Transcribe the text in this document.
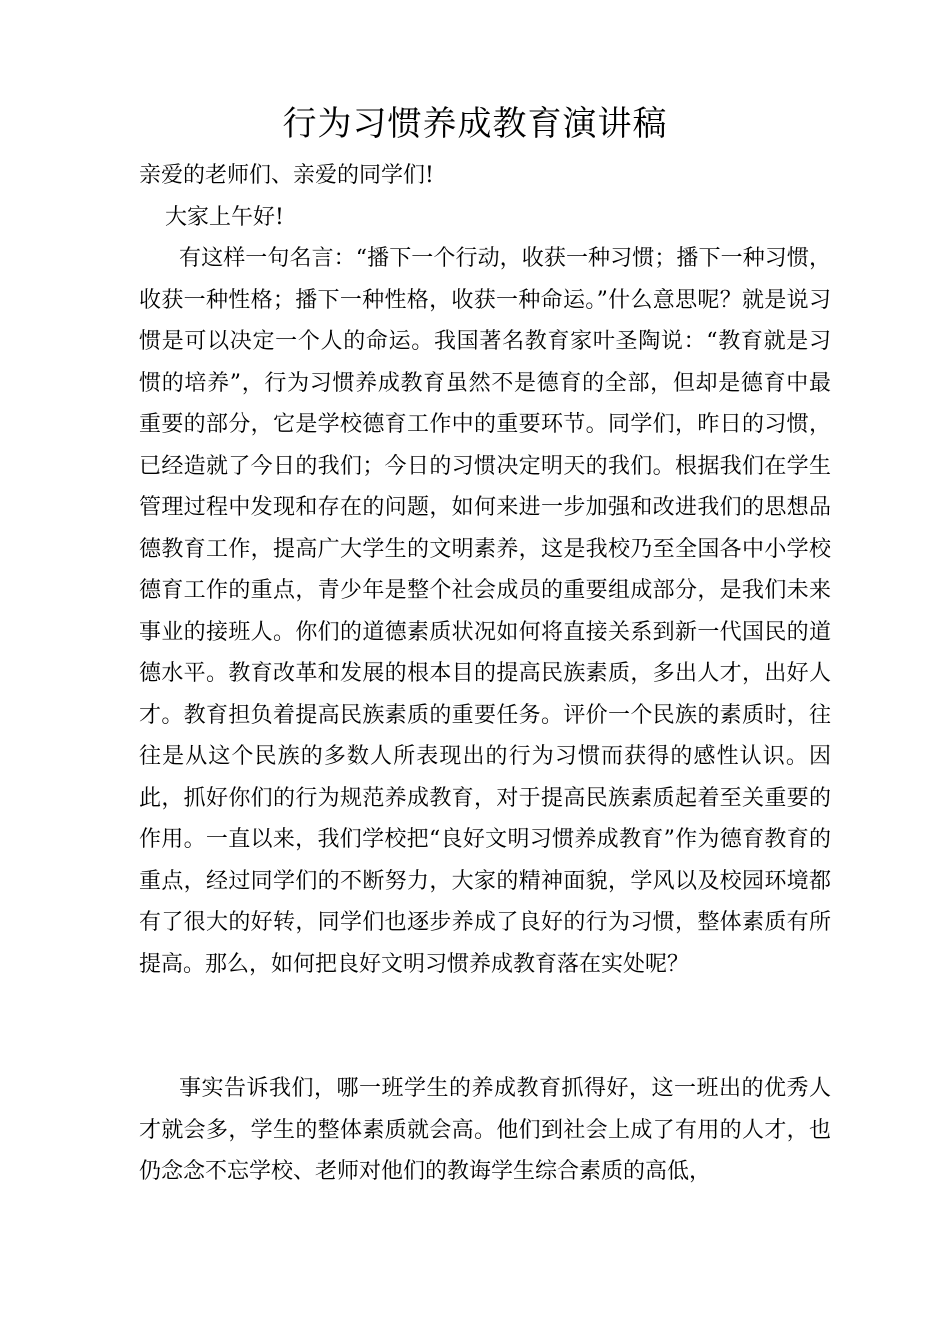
行为习惯养成教育演讲稿
亲爱的老师们、亲爱的同学们!
大家上午好!

有这样一句名言：“播下一个行动，收获一种习惯；播下一种习惯，收获一种性格；播下一种性格，收获一种命运。”什么意思呢？就是说习惯是可以决定一个人的命运。我国著名教育家叶圣陶说：“教育就是习惯的培养”，行为习惯养成教育虽然不是德育的全部，但却是德育中最重要的部分，它是学校德育工作中的重要环节。同学们，昨日的习惯，已经造就了今日的我们；今日的习惯决定明天的我们。根据我们在学生管理过程中发现和存在的问题，如何来进一步加强和改进我们的思想品德教育工作，提高广大学生的文明素养，这是我校乃至全国各中小学校德育工作的重点，青少年是整个社会成员的重要组成部分，是我们未来事业的接班人。你们的道德素质状况如何将直接关系到新一代国民的道德水平。教育改革和发展的根本目的提高民族素质，多出人才，出好人才。教育担负着提高民族素质的重要任务。评价一个民族的素质时，往往是从这个民族的多数人所表现出的行为习惯而获得的感性认识。因此，抓好你们的行为规范养成教育，对于提高民族素质起着至关重要的作用。一直以来，我们学校把“良好文明习惯养成教育”作为德育教育的重点，经过同学们的不断努力，大家的精神面貌，学风以及校园环境都有了很大的好转，同学们也逐步养成了良好的行为习惯，整体素质有所提高。那么，如何把良好文明习惯养成教育落在实处呢？

事实告诉我们，哪一班学生的养成教育抓得好，这一班出的优秀人才就会多，学生的整体素质就会高。他们到社会上成了有用的人才，也仍念念不忘学校、老师对他们的教诲学生综合素质的高低，
